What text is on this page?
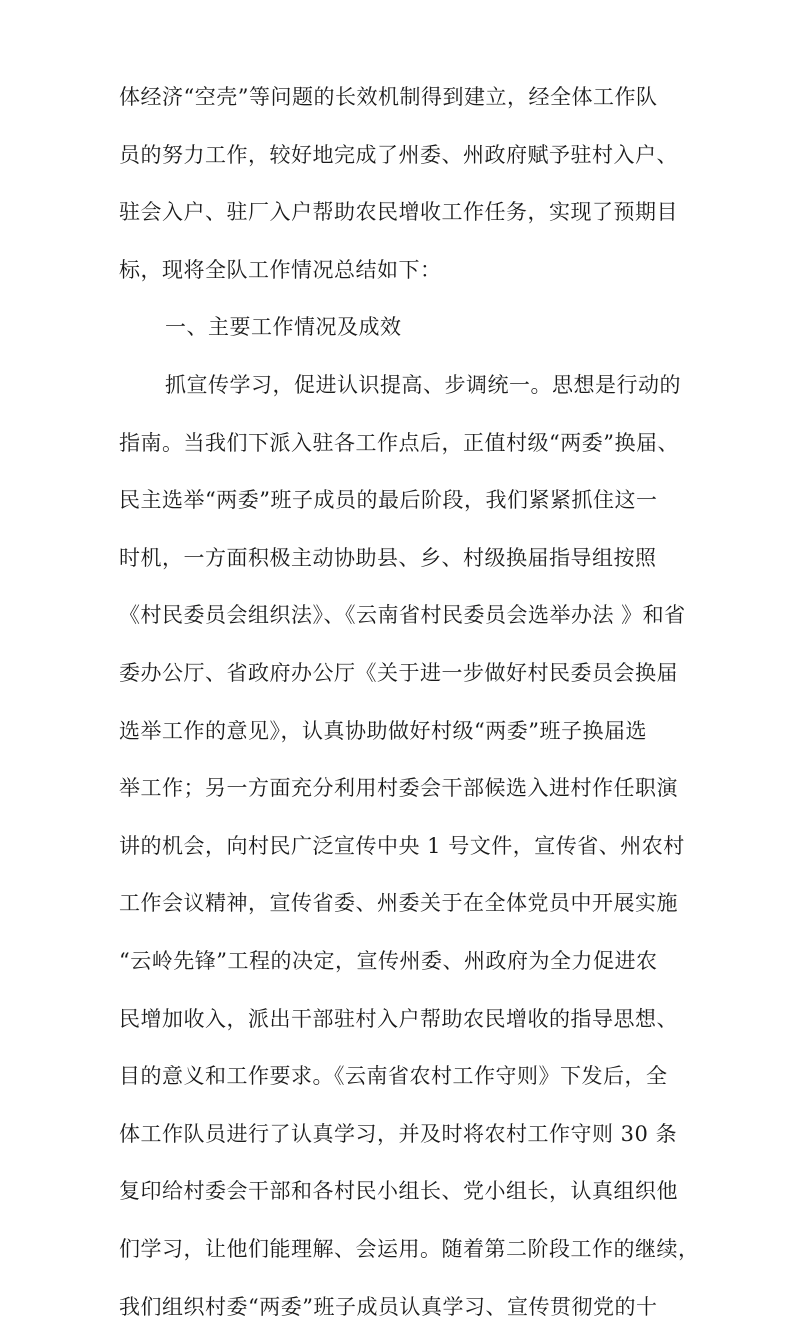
体经济“空壳”等问题的长效机制得到建立，经全体工作队
员的努力工作，较好地完成了州委、州政府赋予驻村入户、
驻会入户、驻厂入户帮助农民增收工作任务，实现了预期目
标，现将全队工作情况总结如下：
一、主要工作情况及成效
抓宣传学习，促进认识提高、步调统一。思想是行动的
指南。当我们下派入驻各工作点后，正值村级“两委”换届、
民主选举“两委”班子成员的最后阶段，我们紧紧抓住这一
时机，一方面积极主动协助县、乡、村级换届指导组按照
《村民委员会组织法》、《云南省村民委员会选举办法 》和省
委办公厅、省政府办公厅《关于进一步做好村民委员会换届
选举工作的意见》，认真协助做好村级“两委”班子换届选
举工作；另一方面充分利用村委会干部候选入进村作任职演
讲的机会，向村民广泛宣传中央 1 号文件，宣传省、州农村
工作会议精神，宣传省委、州委关于在全体党员中开展实施
“云岭先锋”工程的决定，宣传州委、州政府为全力促进农
民增加收入，派出干部驻村入户帮助农民增收的指导思想、
目的意义和工作要求。《云南省农村工作守则》下发后，全
体工作队员进行了认真学习，并及时将农村工作守则 30 条
复印给村委会干部和各村民小组长、党小组长，认真组织他
们学习，让他们能理解、会运用。随着第二阶段工作的继续，
我们组织村委“两委”班子成员认真学习、宣传贯彻党的十
